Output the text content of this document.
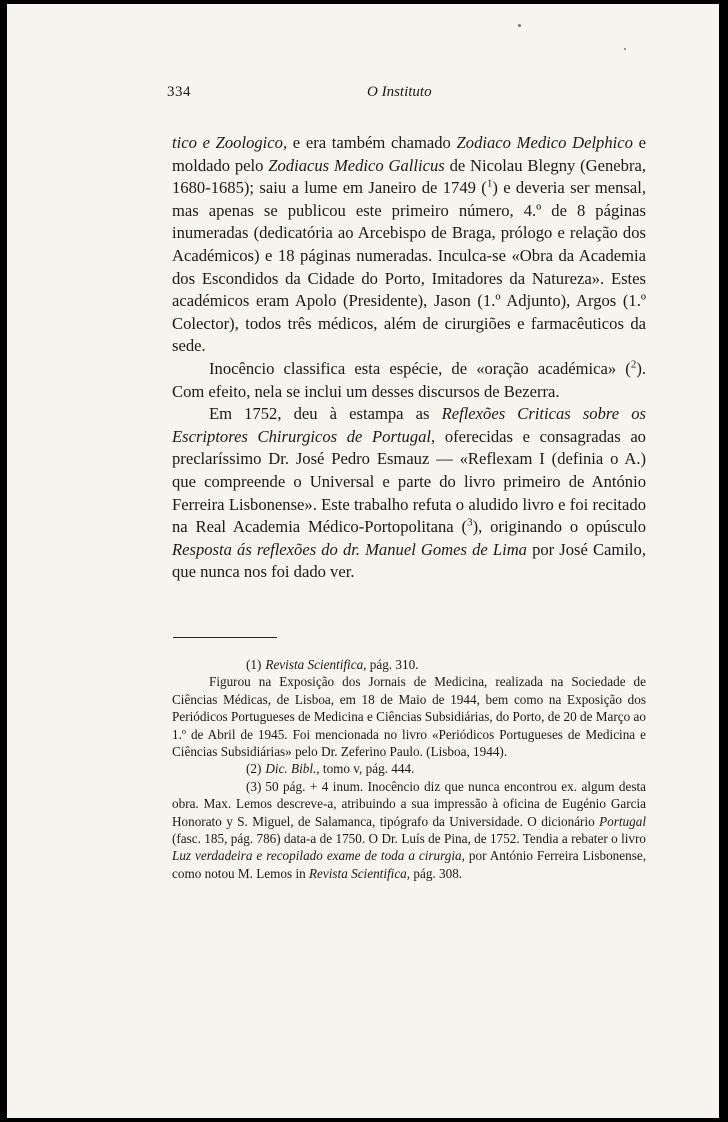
334	O Instituto

tico e Zoologico, e era também chamado Zodiaco Medico Delphico e moldado pelo Zodiacus Medico Gallicus de Nicolau Blegny (Genebra, 1680-1685); saiu a lume em Janeiro de 1749 ($^1$) e deveria ser mensal, mas apenas se publicou este primeiro número, 4.º de 8 páginas inumeradas (dedicatória ao Arcebispo de Braga, prólogo e relação dos Académicos) e 18 páginas numeradas. Inculca-se «Obra da Academia dos Escondidos da Cidade do Porto, Imitadores da Natureza». Estes académicos eram Apolo (Presidente), Jason (1.º Adjunto), Argos (1.º Colector), todos três médicos, além de cirurgiões e farmacêuticos da sede.

Inocêncio classifica esta espécie, de «oração académica» ($^2$). Com efeito, nela se inclui um desses discursos de Bezerra.

Em 1752, deu à estampa as Reflexões Criticas sobre os Escriptores Chirurgicos de Portugal, oferecidas e consagradas ao preclaríssimo Dr. José Pedro Esmauz — «Reflexam I (definia o A.) que compreende o Universal e parte do livro primeiro de António Ferreira Lisbonense». Este trabalho refuta o aludido livro e foi recitado na Real Academia Médico-Portopolitana ($^3$), originando o opúsculo Resposta ás reflexões do dr. Manuel Gomes de Lima por José Camilo, que nunca nos foi dado ver.

(1) Revista Scientifica, pág. 310.

Figurou na Exposição dos Jornais de Medicina, realizada na Sociedade de Ciências Médicas, de Lisboa, em 18 de Maio de 1944, bem como na Exposição dos Periódicos Portugueses de Medicina e Ciências Subsidiárias, do Porto, de 20 de Março ao 1.º de Abril de 1945. Foi mencionada no livro «Periódicos Portugueses de Medicina e Ciências Subsidiárias» pelo Dr. Zeferino Paulo. (Lisboa, 1944).

(2) Dic. Bibl., tomo v, pág. 444.

(3) 50 pág. + 4 inum. Inocêncio diz que nunca encontrou ex. algum desta obra. Max. Lemos descreve-a, atribuindo a sua impressão à oficina de Eugénio Garcia Honorato y S. Miguel, de Salamanca, tipógrafo da Universidade. O dicionário Portugal (fasc. 185, pág. 786) data-a de 1750. O Dr. Luís de Pina, de 1752. Tendia a rebater o livro Luz verdadeira e recopilado exame de toda a cirurgia, por António Ferreira Lisbonense, como notou M. Lemos in Revista Scientifica, pág. 308.
